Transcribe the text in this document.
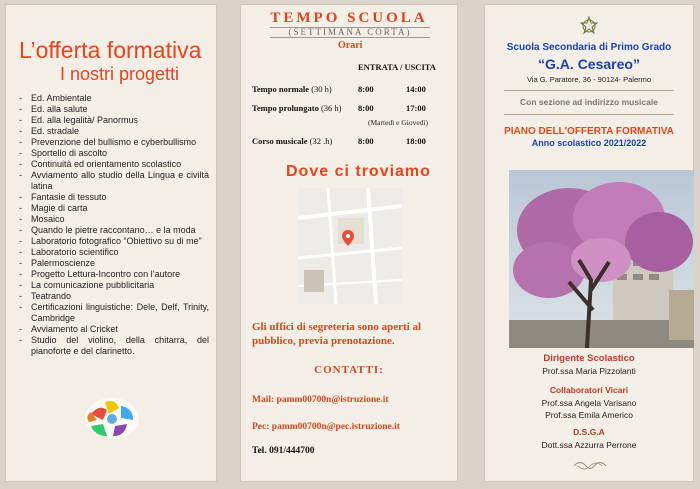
L’offerta formativa
I nostri progetti
- Ed. Ambientale
- Ed. alla salute
- Ed. alla legalità/ Panormus
- Ed. stradale
- Prevenzione del bullismo e cyberbullismo
- Sportello di ascolto
- Continuità ed orientamento scolastico
- Avviamento allo studio della Lingua e civiltà latina
- Fantasie di tessuto
- Magie di carta
- Mosaico
- Quando le pietre raccontano… e la moda
- Laboratorio fotografico “Obiettivo su di me”
- Laboratorio scientifico
- Palermoscienze
- Progetto Lettura-Incontro con l’autore
- La comunicazione pubblicitaria
- Teatrando
- Certificazioni linguistiche: Dele, Delf, Trinity, Cambridge
- Avviamento al Cricket
- Studio del violino, della chitarra, del pianoforte e del clarinetto.
TEMPO SCUOLA
(SETTIMANA CORTA)
Orari
ENTRATA / USCITA
Tempo normale (30 h)	8:00	14:00
Tempo prolungato (36 h) 8:00	17:00
(Martedì e Giovedì)
Corso musicale (32 .h)	8:00	18:00
Dove ci troviamo
Gli uffici di segreteria sono aperti al pubblico, previa prenotazione.
CONTATTI:
Mail: pamm00700n@istruzione.it
Pec: pamm00700n@pec.istruzione.it
Tel. 091/444700
Scuola Secondaria di Primo Grado
“G.A. Cesareo”
Via G. Paratore, 36 - 90124- Palermo
Con sezione ad indirizzo musicale
PIANO DELL'OFFERTA FORMATIVA
Anno scolastico 2021/2022
Dirigente Scolastico
Prof.ssa Maria Pizzolanti
Collaboratori Vicari
Prof.ssa Angela Varisano
Prof.ssa Emila Americo
D.S.G.A
Dott.ssa Azzurra Perrone
